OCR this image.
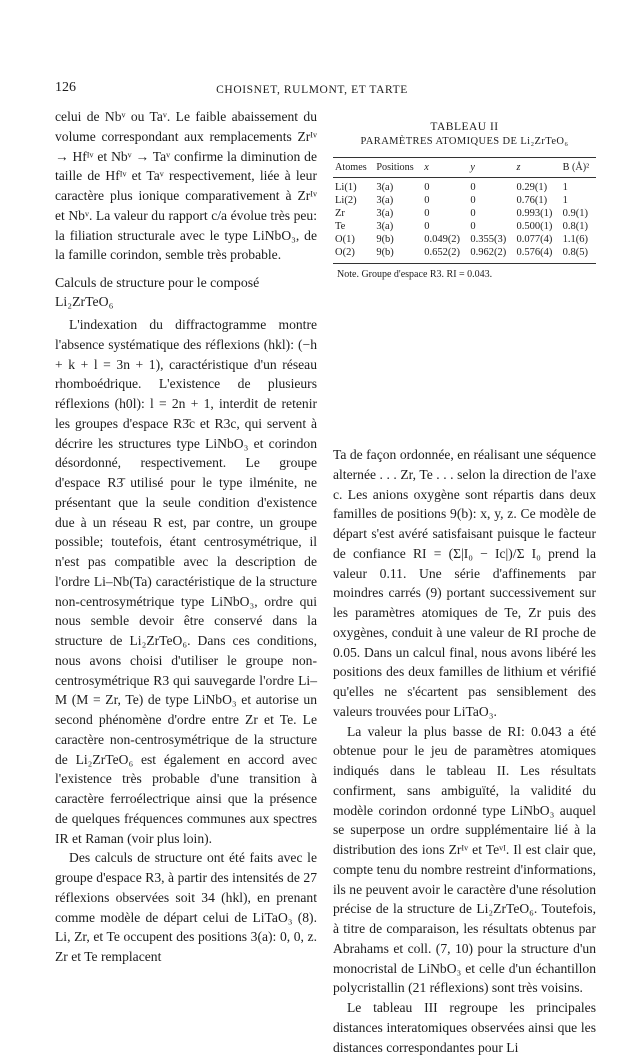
126	CHOISNET, RULMONT, ET TARTE

celui de Nbᵛ ou Taᵛ. Le faible abaissement du volume correspondant aux remplacements Zrᴵᵛ → Hfᴵᵛ et Nbᵛ → Taᵛ confirme la diminution de taille de Hfᴵᵛ et Taᵛ respectivement, liée à leur caractère plus ionique comparativement à Zrᴵᵛ et Nbᵛ. La valeur du rapport c/a évolue très peu: la filiation structurale avec le type LiNbO₃, de la famille corindon, semble très probable.

Calculs de structure pour le composé Li₂ZrTeO₆

L'indexation du diffractogramme montre l'absence systématique des réflexions (hkl): (−h + k + l = 3n + 1), caractéristique d'un réseau rhomboédrique. L'existence de plusieurs réflexions (h0l): l = 2n + 1, interdit de retenir les groupes d'espace R3̄c et R3c, qui servent à décrire les structures type LiNbO₃ et corindon désordonné, respectivement. Le groupe d'espace R3̄ utilisé pour le type ilménite, ne présentant que la seule condition d'existence due à un réseau R est, par contre, un groupe possible; toutefois, étant centrosymétrique, il n'est pas compatible avec la description de l'ordre Li–Nb(Ta) caractéristique de la structure non-centrosymétrique type LiNbO₃, ordre qui nous semble devoir être conservé dans la structure de Li₂ZrTeO₆. Dans ces conditions, nous avons choisi d'utiliser le groupe non-centrosymétrique R3 qui sauvegarde l'ordre Li–M (M = Zr, Te) de type LiNbO₃ et autorise un second phénomène d'ordre entre Zr et Te. Le caractère non-centrosymétrique de la structure de Li₂ZrTeO₆ est également en accord avec l'existence très probable d'une transition à caractère ferroélectrique ainsi que la présence de quelques fréquences communes aux spectres IR et Raman (voir plus loin).

Des calculs de structure ont été faits avec le groupe d'espace R3, à partir des intensités de 27 réflexions observées soit 34 (hkl), en prenant comme modèle de départ celui de LiTaO₃ (8). Li, Zr, et Te occupent des positions 3(a): 0, 0, z. Zr et Te remplacent

TABLEAU II

PARAMÈTRES ATOMIQUES DE Li₂ZrTeO₆

Atomes	Positions	x	y	z	B (Å)²
Li(1)	3(a)	0	0	0.29(1)	1
Li(2)	3(a)	0	0	0.76(1)	1
Zr	3(a)	0	0	0.993(1)	0.9(1)
Te	3(a)	0	0	0.500(1)	0.8(1)
O(1)	9(b)	0.049(2)	0.355(3)	0.077(4)	1.1(6)
O(2)	9(b)	0.652(2)	0.962(2)	0.576(4)	0.8(5)
Note. Groupe d'espace R3. RI = 0.043.

Ta de façon ordonnée, en réalisant une séquence alternée . . . Zr, Te . . . selon la direction de l'axe c. Les anions oxygène sont répartis dans deux familles de positions 9(b): x, y, z. Ce modèle de départ s'est avéré satisfaisant puisque le facteur de confiance RI = (Σ|I₀ − Ic|)/Σ I₀ prend la valeur 0.11. Une série d'affinements par moindres carrés (9) portant successivement sur les paramètres atomiques de Te, Zr puis des oxygènes, conduit à une valeur de RI proche de 0.05. Dans un calcul final, nous avons libéré les positions des deux familles de lithium et vérifié qu'elles ne s'écartent pas sensiblement des valeurs trouvées pour LiTaO₃.

La valeur la plus basse de RI: 0.043 a été obtenue pour le jeu de paramètres atomiques indiqués dans le tableau II. Les résultats confirment, sans ambiguïté, la validité du modèle corindon ordonné type LiNbO₃ auquel se superpose un ordre supplémentaire lié à la distribution des ions Zrᴵᵛ et Teᵛᴵ. Il est clair que, compte tenu du nombre restreint d'informations, ils ne peuvent avoir le caractère d'une résolution précise de la structure de Li₂ZrTeO₆. Toutefois, à titre de comparaison, les résultats obtenus par Abrahams et coll. (7, 10) pour la structure d'un monocristal de LiNbO₃ et celle d'un échantillon polycristallin (21 réflexions) sont très voisins.

Le tableau III regroupe les principales distances interatomiques observées ainsi que les distances correspondantes pour Li
